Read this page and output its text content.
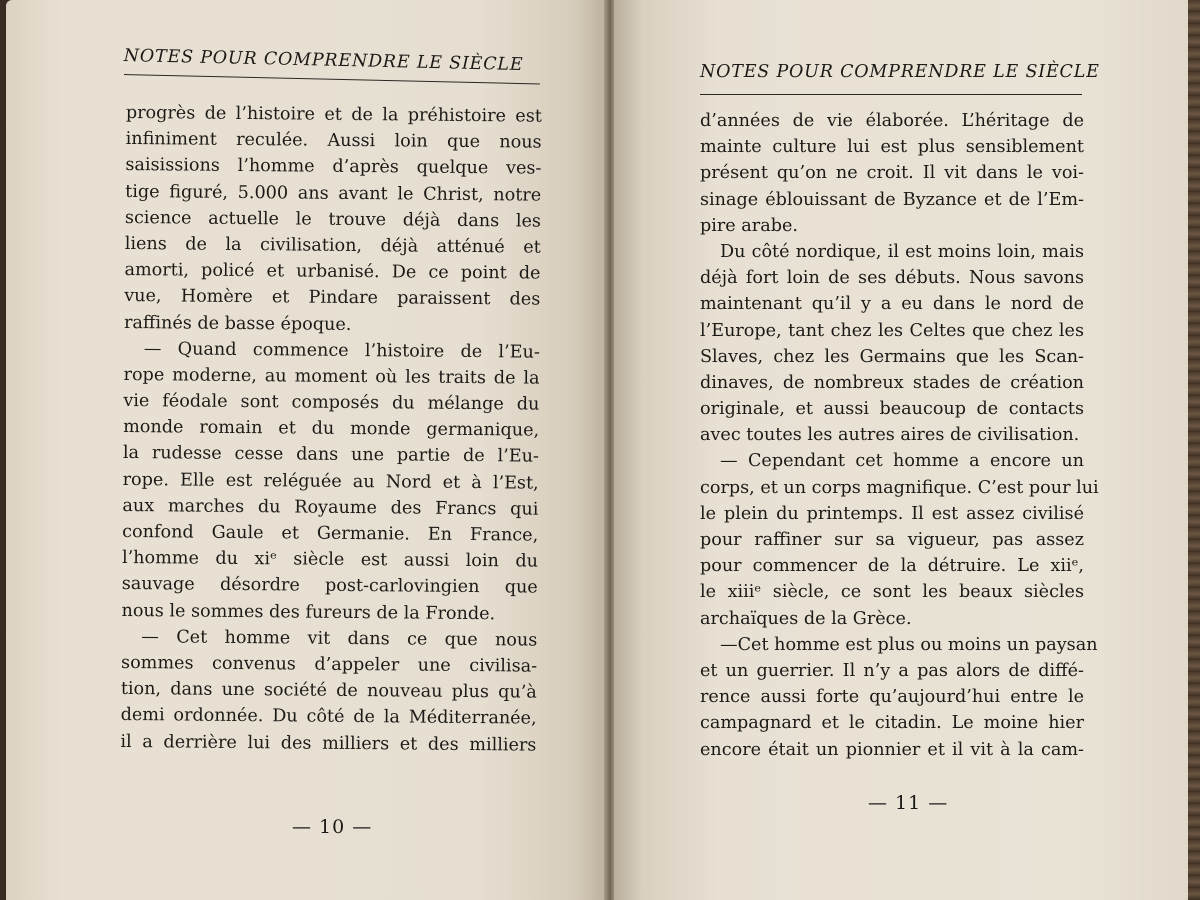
NOTES POUR COMPRENDRE LE SIÈCLE
progrès de l’histoire et de la préhistoire est
infiniment reculée. Aussi loin que nous
saisissions l’homme d’après quelque ves-
tige figuré, 5.000 ans avant le Christ, notre
science actuelle le trouve déjà dans les
liens de la civilisation, déjà atténué et
amorti, policé et urbanisé. De ce point de
vue, Homère et Pindare paraissent des
raffinés de basse époque.
— Quand commence l’histoire de l’Eu-
rope moderne, au moment où les traits de la
vie féodale sont composés du mélange du
monde romain et du monde germanique,
la rudesse cesse dans une partie de l’Eu-
rope. Elle est reléguée au Nord et à l’Est,
aux marches du Royaume des Francs qui
confond Gaule et Germanie. En France,
l’homme du xiᵉ siècle est aussi loin du
sauvage désordre post-carlovingien que
nous le sommes des fureurs de la Fronde.
— Cet homme vit dans ce que nous
sommes convenus d’appeler une civilisa-
tion, dans une société de nouveau plus qu’à
demi ordonnée. Du côté de la Méditerranée,
il a derrière lui des milliers et des milliers
— 10 —
NOTES POUR COMPRENDRE LE SIÈCLE
d’années de vie élaborée. L’héritage de
mainte culture lui est plus sensiblement
présent qu’on ne croit. Il vit dans le voi-
sinage éblouissant de Byzance et de l’Em-
pire arabe.
Du côté nordique, il est moins loin, mais
déjà fort loin de ses débuts. Nous savons
maintenant qu’il y a eu dans le nord de
l’Europe, tant chez les Celtes que chez les
Slaves, chez les Germains que les Scan-
dinaves, de nombreux stades de création
originale, et aussi beaucoup de contacts
avec toutes les autres aires de civilisation.
— Cependant cet homme a encore un
corps, et un corps magnifique. C’est pour lui
le plein du printemps. Il est assez civilisé
pour raffiner sur sa vigueur, pas assez
pour commencer de la détruire. Le xiiᵉ,
le xiiiᵉ siècle, ce sont les beaux siècles
archaïques de la Grèce.
—Cet homme est plus ou moins un paysan
et un guerrier. Il n’y a pas alors de diffé-
rence aussi forte qu’aujourd’hui entre le
campagnard et le citadin. Le moine hier
encore était un pionnier et il vit à la cam-
— 11 —
